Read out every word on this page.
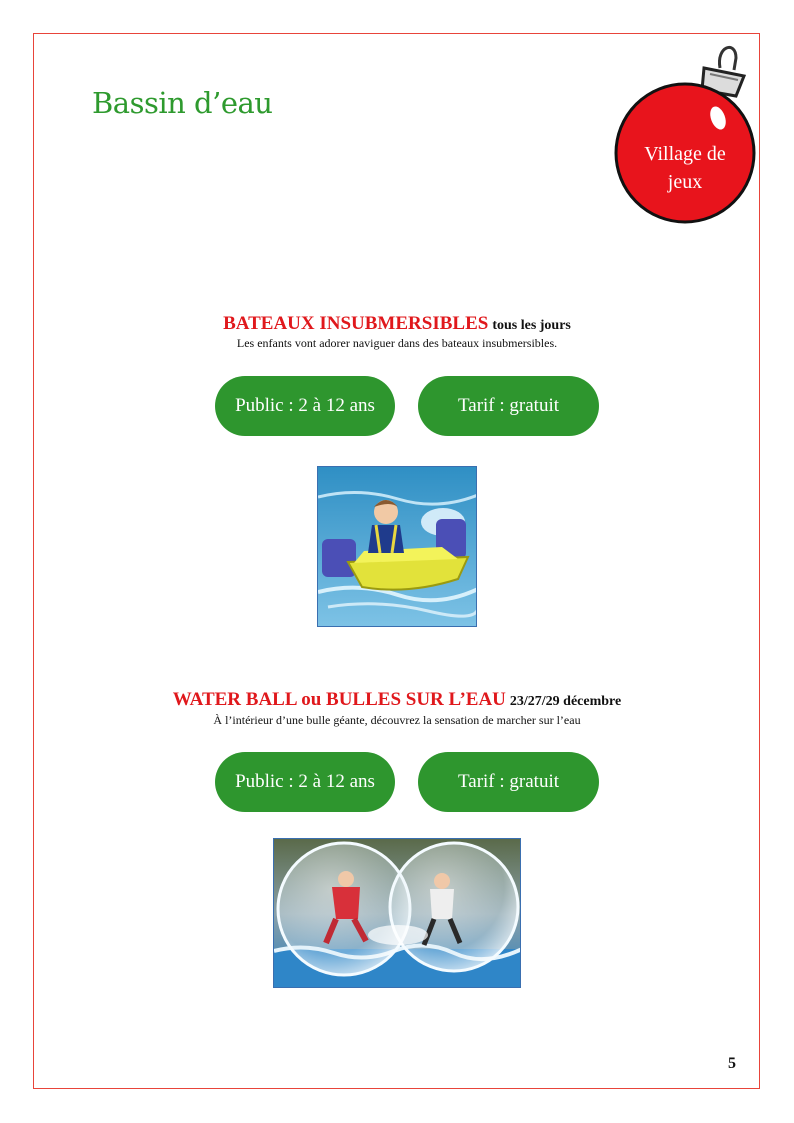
Bassin d’eau
Village de
jeux
BATEAUX INSUBMERSIBLES tous les jours
Les enfants vont adorer naviguer dans des bateaux insubmersibles.
Public : 2 à 12 ans	Tarif : gratuit
WATER BALL ou BULLES SUR L’EAU 23/27/29 décembre
À l’intérieur d’une bulle géante, découvrez la sensation de marcher sur l’eau
Public : 2 à 12 ans	Tarif : gratuit
5
